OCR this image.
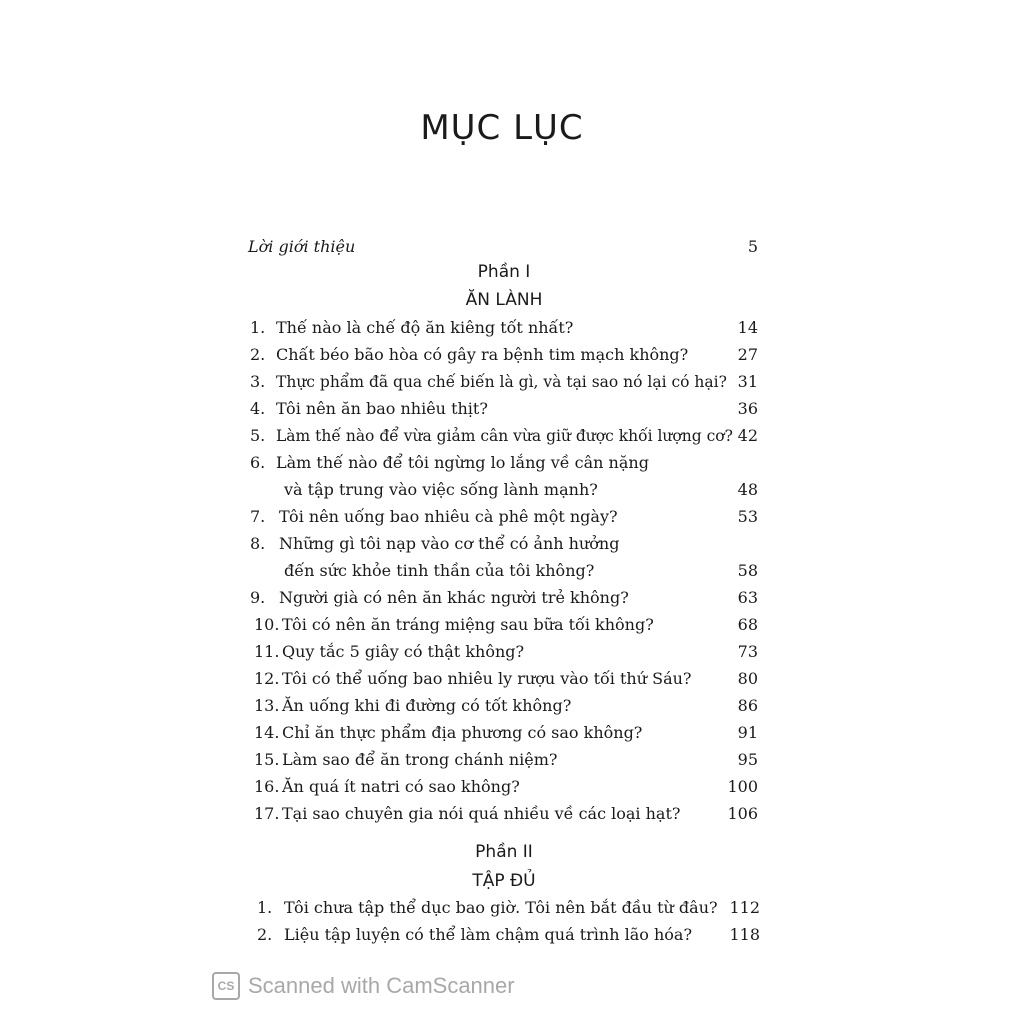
MỤC LỤC
Lời giới thiệu	5
Phần I
ĂN LÀNH
1. Thế nào là chế độ ăn kiêng tốt nhất?	14
2. Chất béo bão hòa có gây ra bệnh tim mạch không?	27
3. Thực phẩm đã qua chế biến là gì, và tại sao nó lại có hại? 31
4. Tôi nên ăn bao nhiêu thịt?	36
5. Làm thế nào để vừa giảm cân vừa giữ được khối lượng cơ? 42
6. Làm thế nào để tôi ngừng lo lắng về cân nặng
và tập trung vào việc sống lành mạnh?	48
7. Tôi nên uống bao nhiêu cà phê một ngày?	53
8. Những gì tôi nạp vào cơ thể có ảnh hưởng
đến sức khỏe tinh thần của tôi không?	58
9. Người già có nên ăn khác người trẻ không?	63
10. Tôi có nên ăn tráng miệng sau bữa tối không?	68
11. Quy tắc 5 giây có thật không?	73
12. Tôi có thể uống bao nhiêu ly rượu vào tối thứ Sáu?	80
13. Ăn uống khi đi đường có tốt không?	86
14. Chỉ ăn thực phẩm địa phương có sao không?	91
15. Làm sao để ăn trong chánh niệm?	95
16. Ăn quá ít natri có sao không?	100
17. Tại sao chuyên gia nói quá nhiều về các loại hạt?	106
Phần II
TẬP ĐỦ
1. Tôi chưa tập thể dục bao giờ. Tôi nên bắt đầu từ đâu? 112
2. Liệu tập luyện có thể làm chậm quá trình lão hóa?	118
CS Scanned with CamScanner
